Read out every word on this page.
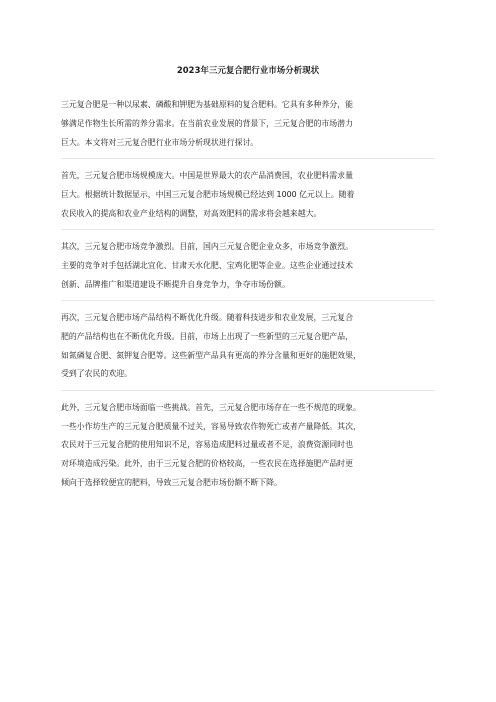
2023年三元复合肥行业市场分析现状

三元复合肥是一种以尿素、磷酸和钾肥为基础原料的复合肥料。它具有多种养分，能
够满足作物生长所需的养分需求。在当前农业发展的背景下，三元复合肥的市场潜力
巨大。本文将对三元复合肥行业市场分析现状进行探讨。

首先，三元复合肥市场规模庞大。中国是世界最大的农产品消费国，农业肥料需求量
巨大。根据统计数据显示，中国三元复合肥市场规模已经达到 1000 亿元以上。随着
农民收入的提高和农业产业结构的调整，对高效肥料的需求将会越来越大。

其次，三元复合肥市场竞争激烈。目前，国内三元复合肥企业众多，市场竞争激烈。
主要的竞争对手包括湖北宜化、甘肃天水化肥、宝鸡化肥等企业。这些企业通过技术
创新、品牌推广和渠道建设不断提升自身竞争力，争夺市场份额。

再次，三元复合肥市场产品结构不断优化升级。随着科技进步和农业发展，三元复合
肥的产品结构也在不断优化升级。目前，市场上出现了一些新型的三元复合肥产品，
如氮磷复合肥、氮钾复合肥等。这些新型产品具有更高的养分含量和更好的施肥效果，
受到了农民的欢迎。

此外，三元复合肥市场面临一些挑战。首先，三元复合肥市场存在一些不规范的现象。
一些小作坊生产的三元复合肥质量不过关，容易导致农作物死亡或者产量降低。其次，
农民对于三元复合肥的使用知识不足，容易造成肥料过量或者不足，浪费资源同时也
对环境造成污染。此外，由于三元复合肥的价格较高，一些农民在选择施肥产品时更
倾向于选择较便宜的肥料，导致三元复合肥市场份额不断下降。
